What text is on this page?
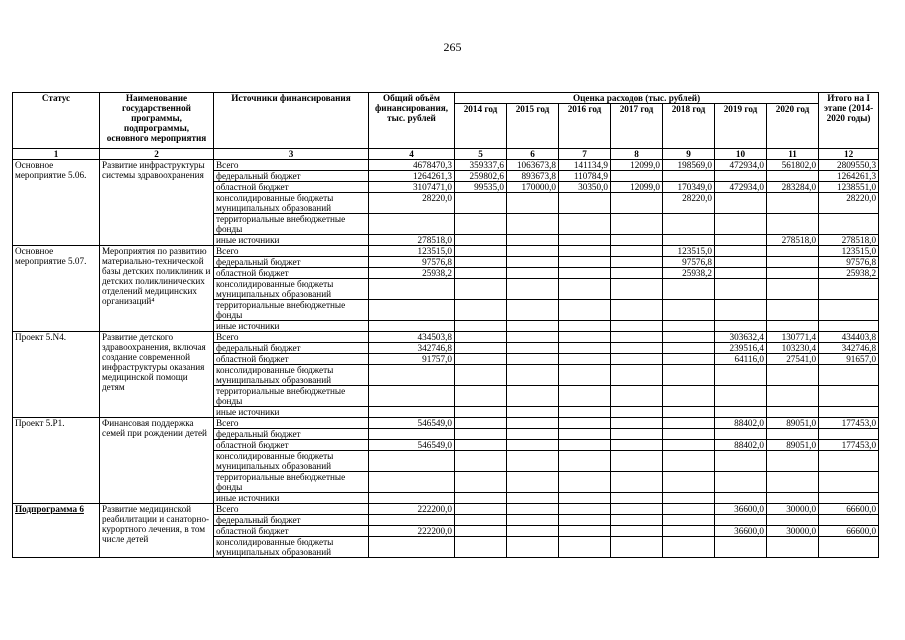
265
Статус	Наименование государственной программы, подпрограммы, основного мероприятия	Источники финансирования	Общий объём финансирования, тыс. рублей	Оценка расходов (тыс. рублей)							Итого на I этапе (2014-2020 годы)
				2014 год	2015 год	2016 год	2017 год	2018 год	2019 год	2020 год	
1	2	3	4	5	6	7	8	9	10	11	12
Основное мероприятие 5.06.	Развитие инфраструктуры системы здравоохранения	Всего	4678470,3	359337,6	1063673,8	141134,9	12099,0	198569,0	472934,0	561802,0	2809550,3
		федеральный бюджет	1264261,3	259802,6	893673,8	110784,9					1264261,3
		областной бюджет	3107471,0	99535,0	170000,0	30350,0	12099,0	170349,0	472934,0	283284,0	1238551,0
		консолидированные бюджеты муниципальных образований	28220,0					28220,0			28220,0
		территориальные внебюджетные фонды									
		иные источники	278518,0							278518,0	278518,0
Основное мероприятие 5.07.	Мероприятия по развитию материально-технической базы детских поликлиник и детских поликлинических отделений медицинских организаций⁴	Всего	123515,0					123515,0			123515,0
		федеральный бюджет	97576,8					97576,8			97576,8
		областной бюджет	25938,2					25938,2			25938,2
		консолидированные бюджеты муниципальных образований									
		территориальные внебюджетные фонды									
		иные источники									
Проект 5.N4.	Развитие детского здравоохранения, включая создание современной инфраструктуры оказания медицинской помощи детям	Всего	434503,8						303632,4	130771,4	434403,8
		федеральный бюджет	342746,8						239516,4	103230,4	342746,8
		областной бюджет	91757,0						64116,0	27541,0	91657,0
		консолидированные бюджеты муниципальных образований									
		территориальные внебюджетные фонды									
		иные источники									
Проект 5.P1.	Финансовая поддержка семей при рождении детей	Всего	546549,0						88402,0	89051,0	177453,0
		федеральный бюджет									
		областной бюджет	546549,0						88402,0	89051,0	177453,0
		консолидированные бюджеты муниципальных образований									
		территориальные внебюджетные фонды									
		иные источники									
Подпрограмма 6	Развитие медицинской реабилитации и санаторно-курортного лечения, в том числе детей	Всего	222200,0						36600,0	30000,0	66600,0
		федеральный бюджет									
		областной бюджет	222200,0						36600,0	30000,0	66600,0
		консолидированные бюджеты муниципальных образований									
